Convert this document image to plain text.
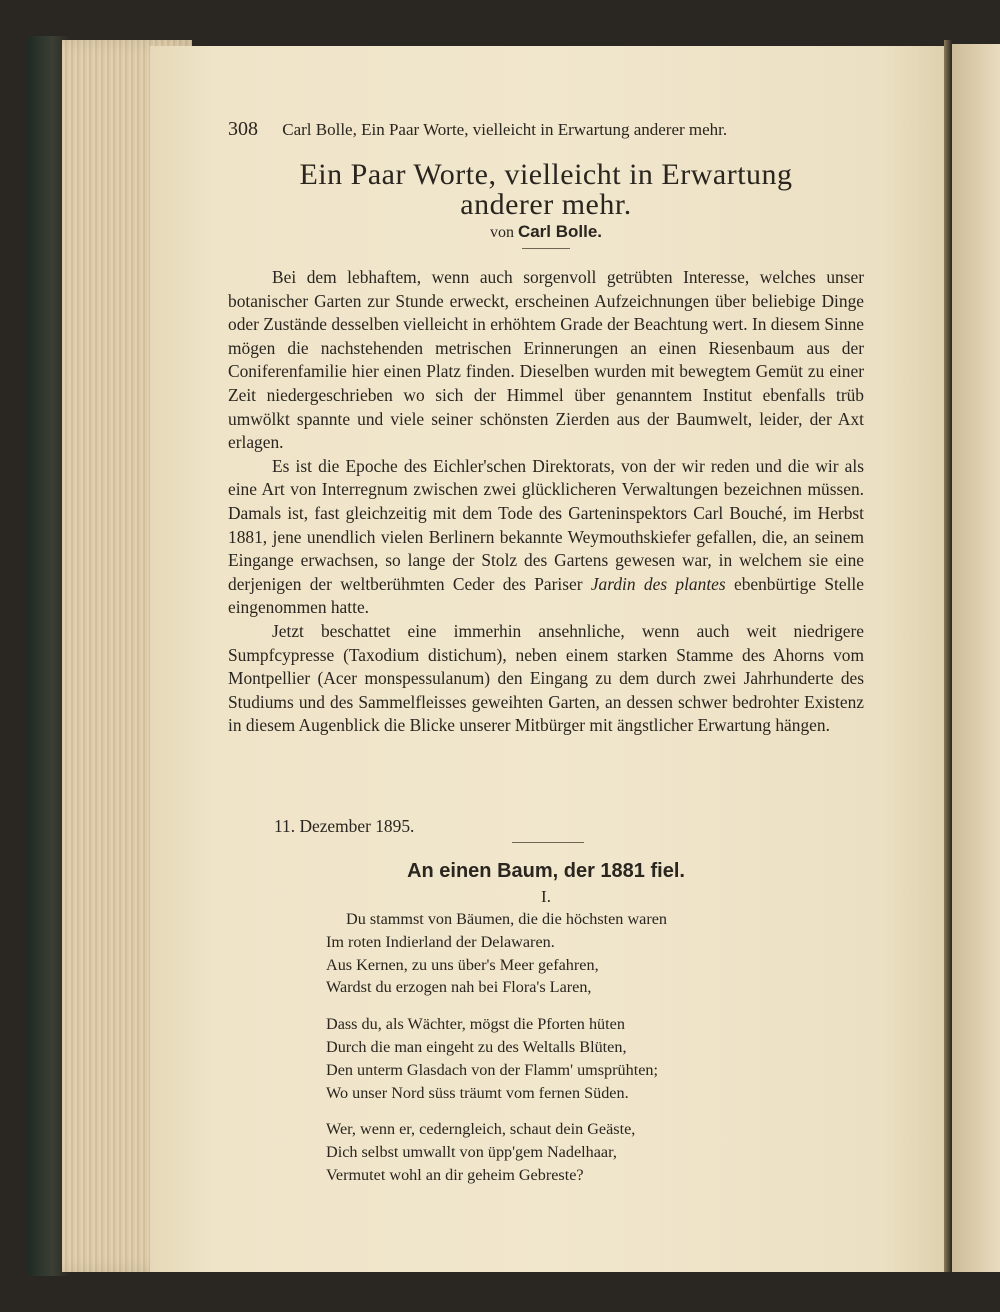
308 Carl Bolle, Ein Paar Worte, vielleicht in Erwartung anderer mehr.
Ein Paar Worte, vielleicht in Erwartung
anderer mehr.
von Carl Bolle.

Bei dem lebhaftem, wenn auch sorgenvoll getrübten Interesse, welches unser botanischer Garten zur Stunde erweckt, erscheinen Aufzeichnungen über beliebige Dinge oder Zustände desselben vielleicht in erhöhtem Grade der Beachtung wert. In diesem Sinne mögen die nachstehenden metrischen Erinnerungen an einen Riesenbaum aus der Coniferenfamilie hier einen Platz finden. Dieselben wurden mit bewegtem Gemüt zu einer Zeit niedergeschrieben wo sich der Himmel über genanntem Institut ebenfalls trüb umwölkt spannte und viele seiner schönsten Zierden aus der Baumwelt, leider, der Axt erlagen.

Es ist die Epoche des Eichler'schen Direktorats, von der wir reden und die wir als eine Art von Interregnum zwischen zwei glücklicheren Verwaltungen bezeichnen müssen. Damals ist, fast gleichzeitig mit dem Tode des Garteninspektors Carl Bouché, im Herbst 1881, jene unendlich vielen Berlinern bekannte Weymouthskiefer gefallen, die, an seinem Eingange erwachsen, so lange der Stolz des Gartens gewesen war, in welchem sie eine derjenigen der weltberühmten Ceder des Pariser Jardin des plantes ebenbürtige Stelle eingenommen hatte.

Jetzt beschattet eine immerhin ansehnliche, wenn auch weit niedrigere Sumpfcypresse (Taxodium distichum), neben einem starken Stamme des Ahorns vom Montpellier (Acer monspessulanum) den Eingang zu dem durch zwei Jahrhunderte des Studiums und des Sammelfleisses geweihten Garten, an dessen schwer bedrohter Existenz in diesem Augenblick die Blicke unserer Mitbürger mit ängstlicher Erwartung hängen.

11. Dezember 1895.
An einen Baum, der 1881 fiel.
I.
Du stammst von Bäumen, die die höchsten waren
Im roten Indierland der Delawaren.
Aus Kernen, zu uns über's Meer gefahren,
Wardst du erzogen nah bei Flora's Laren,
Dass du, als Wächter, mögst die Pforten hüten
Durch die man eingeht zu des Weltalls Blüten,
Den unterm Glasdach von der Flamm' umsprühten;
Wo unser Nord süss träumt vom fernen Süden.
Wer, wenn er, cederngleich, schaut dein Geäste,
Dich selbst umwallt von üpp'gem Nadelhaar,
Vermutet wohl an dir geheim Gebreste?
